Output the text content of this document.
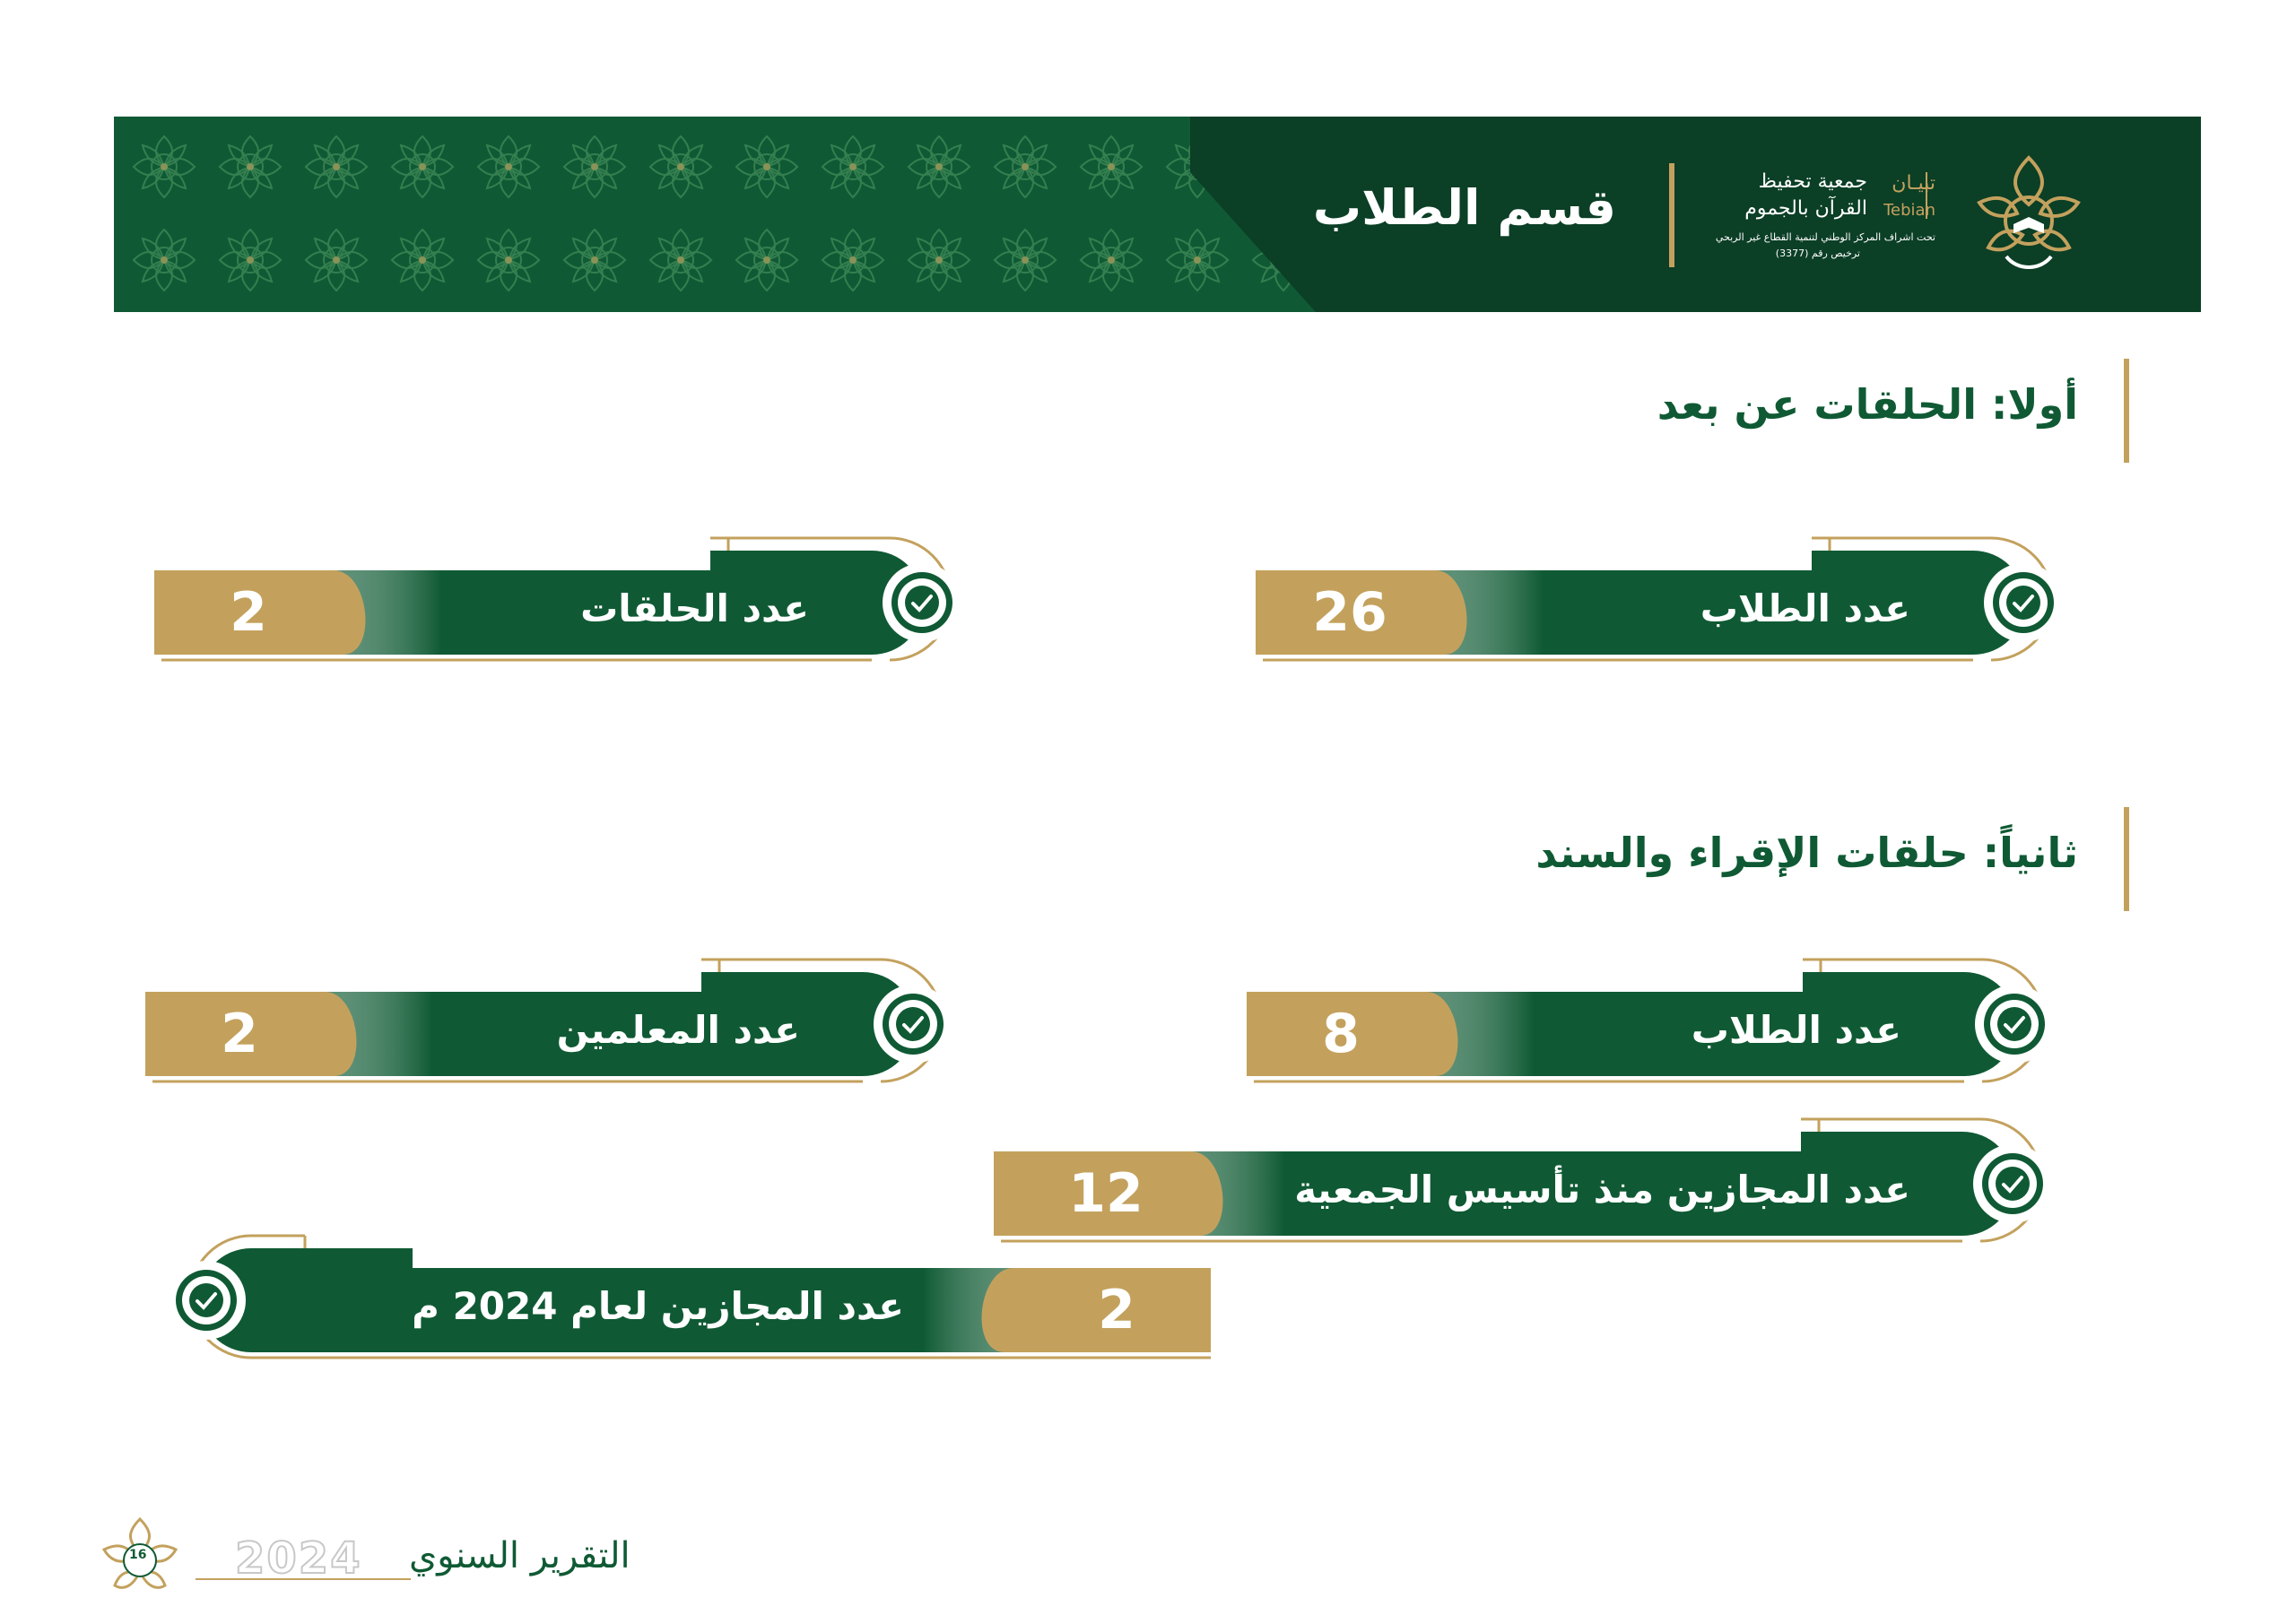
قسم الطلاب	جمعية تحفيظ
القرآن بالجموم
تبيـان
Tebian
تحت اشراف المركز الوطني لتنمية القطاع غير الربحي
ترخيص رقم (3377)
أولا: الحلقات عن بعد
عدد الطلاب
26
عدد الحلقات
2
ثانياً: حلقات الإقراء والسند
عدد الطلاب
8
عدد المعلمين
2
عدد المجازين منذ تأسيس الجمعية
12
عدد المجازين لعام 2024 م	2
16 2024 التقرير السنوي
